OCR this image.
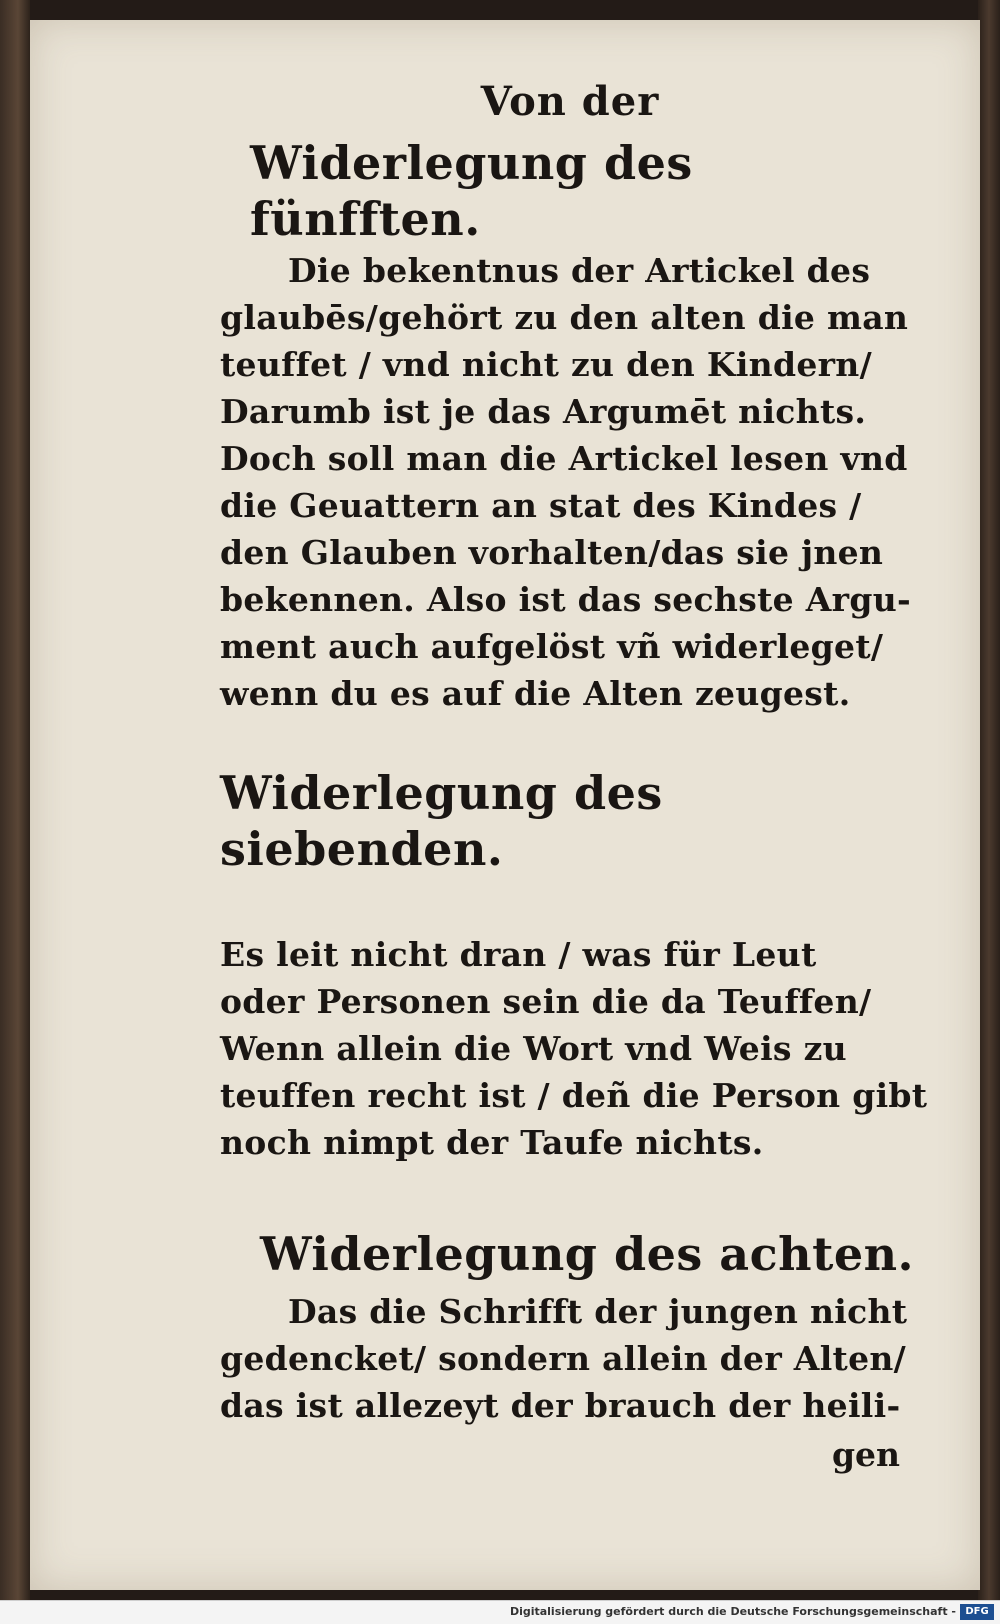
Von der
Widerlegung des fünfften.
Die bekentnus der Artickel des
glaubēs/gehört zu den alten die man
teuffet / vnd nicht zu den Kindern/
Darumb ist je das Argumēt nichts.
Doch soll man die Artickel lesen vnd
die Geuattern an stat des Kindes /
den Glauben vorhalten/das sie jnen
bekennen. Also ist das sechste Argu-
ment auch aufgelöst vñ widerleget/
wenn du es auf die Alten zeugest.
Widerlegung des siebenden.
Es leit nicht dran / was für Leut
oder Personen sein die da Teuffen/
Wenn allein die Wort vnd Weis zu
teuffen recht ist / deñ die Person gibt
noch nimpt der Taufe nichts.
Widerlegung des achten.
Das die Schrifft der jungen nicht
gedencket/ sondern allein der Alten/
das ist allezeyt der brauch der heili-
gen
Digitalisierung gefördert durch die Deutsche Forschungsgemeinschaft - DFG
